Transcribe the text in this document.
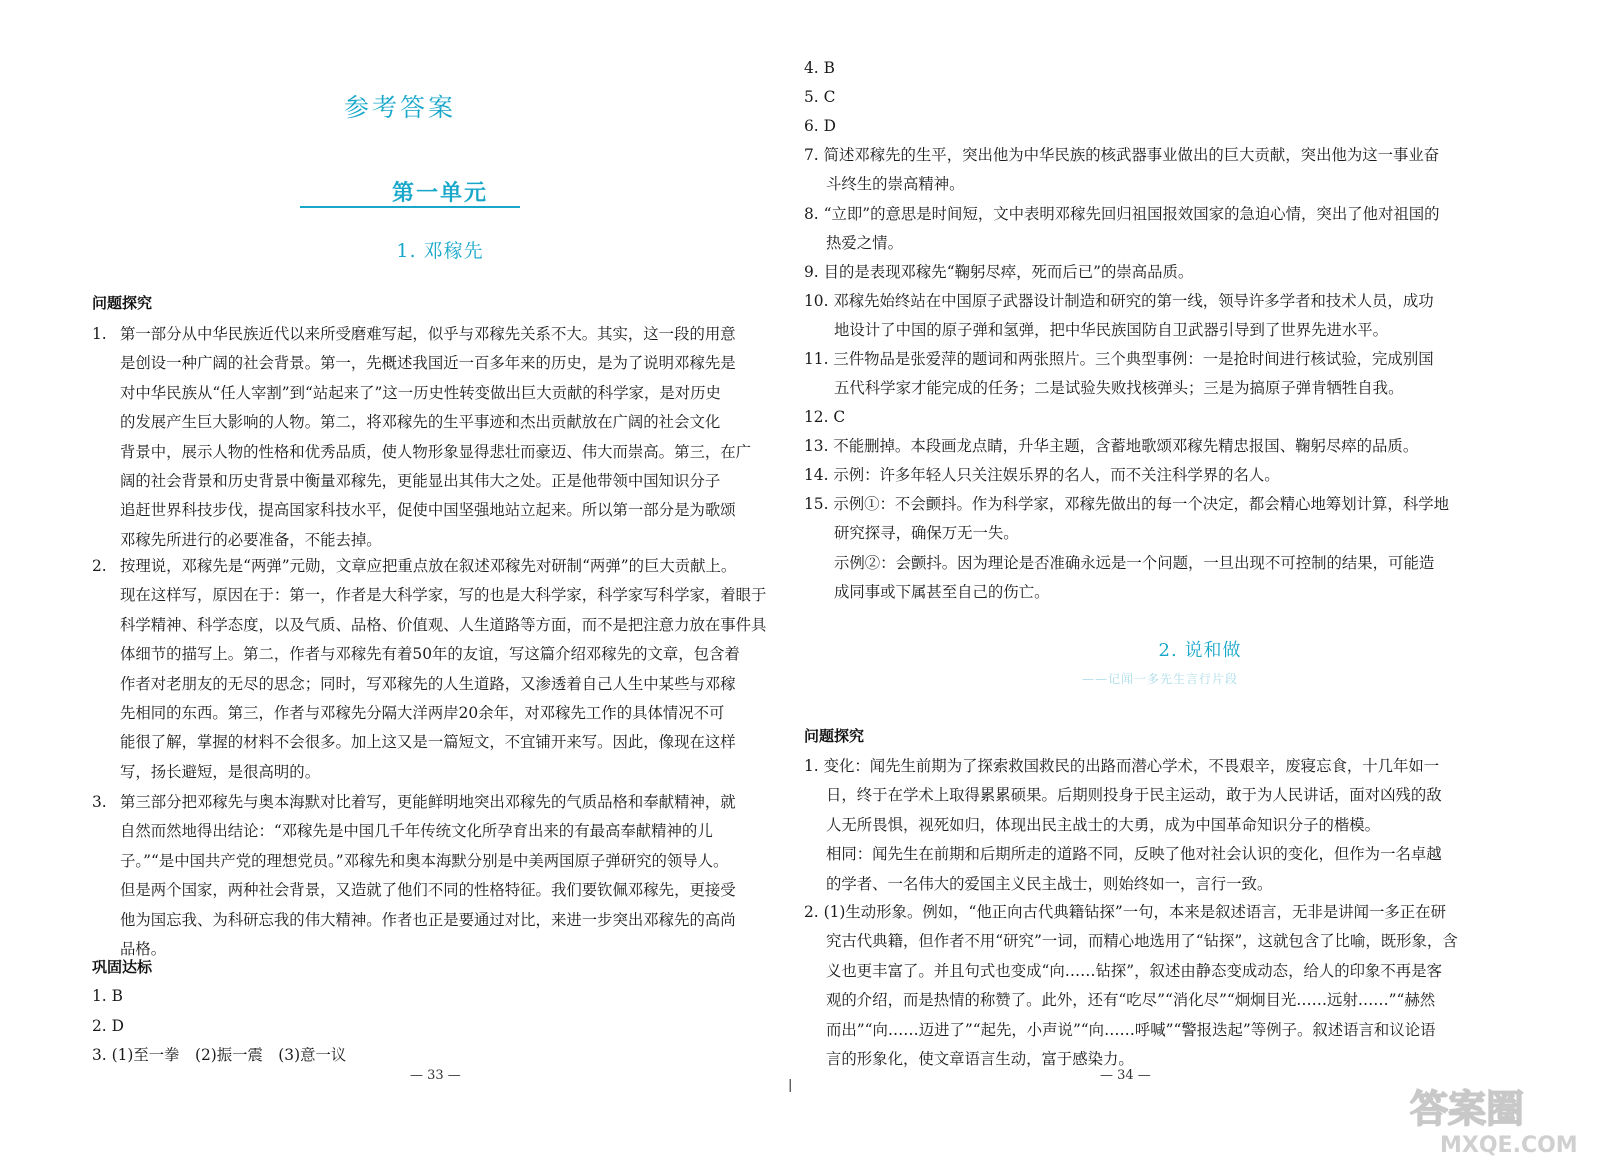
参考答案
第一单元
1. 邓稼先
问题探究
1. 第一部分从中华民族近代以来所受磨难写起，似乎与邓稼先关系不大。其实，这一段的用意
是创设一种广阔的社会背景。第一，先概述我国近一百多年来的历史，是为了说明邓稼先是
对中华民族从“任人宰割”到“站起来了”这一历史性转变做出巨大贡献的科学家，是对历史
的发展产生巨大影响的人物。第二，将邓稼先的生平事迹和杰出贡献放在广阔的社会文化
背景中，展示人物的性格和优秀品质，使人物形象显得悲壮而豪迈、伟大而崇高。第三，在广
阔的社会背景和历史背景中衡量邓稼先，更能显出其伟大之处。正是他带领中国知识分子
追赶世界科技步伐，提高国家科技水平，促使中国坚强地站立起来。所以第一部分是为歌颂
邓稼先所进行的必要准备，不能去掉。
2. 按理说，邓稼先是“两弹”元勋，文章应把重点放在叙述邓稼先对研制“两弹”的巨大贡献上。
现在这样写，原因在于：第一，作者是大科学家，写的也是大科学家，科学家写科学家，着眼于
科学精神、科学态度，以及气质、品格、价值观、人生道路等方面，而不是把注意力放在事件具
体细节的描写上。第二，作者与邓稼先有着50年的友谊，写这篇介绍邓稼先的文章，包含着
作者对老朋友的无尽的思念；同时，写邓稼先的人生道路，又渗透着自己人生中某些与邓稼
先相同的东西。第三，作者与邓稼先分隔大洋两岸20余年，对邓稼先工作的具体情况不可
能很了解，掌握的材料不会很多。加上这又是一篇短文，不宜铺开来写。因此，像现在这样
写，扬长避短，是很高明的。
3. 第三部分把邓稼先与奥本海默对比着写，更能鲜明地突出邓稼先的气质品格和奉献精神，就
自然而然地得出结论：“邓稼先是中国几千年传统文化所孕育出来的有最高奉献精神的儿
子。”“是中国共产党的理想党员。”邓稼先和奥本海默分别是中美两国原子弹研究的领导人。
但是两个国家，两种社会背景，又造就了他们不同的性格特征。我们要钦佩邓稼先，更接受
他为国忘我、为科研忘我的伟大精神。作者也正是要通过对比，来进一步突出邓稼先的高尚
品格。
巩固达标
1. B
2. D
3. (1)至一拳　(2)振一震　(3)意一议
— 33 —
|
4. B
5. C
6. D
7. 简述邓稼先的生平，突出他为中华民族的核武器事业做出的巨大贡献，突出他为这一事业奋
斗终生的崇高精神。
8. “立即”的意思是时间短，文中表明邓稼先回归祖国报效国家的急迫心情，突出了他对祖国的
热爱之情。
9. 目的是表现邓稼先“鞠躬尽瘁，死而后已”的崇高品质。
10. 邓稼先始终站在中国原子武器设计制造和研究的第一线，领导许多学者和技术人员，成功
地设计了中国的原子弹和氢弹，把中华民族国防自卫武器引导到了世界先进水平。
11. 三件物品是张爱萍的题词和两张照片。三个典型事例：一是抢时间进行核试验，完成别国
五代科学家才能完成的任务；二是试验失败找核弹头；三是为搞原子弹肯牺牲自我。
12. C
13. 不能删掉。本段画龙点睛，升华主题，含蓄地歌颂邓稼先精忠报国、鞠躬尽瘁的品质。
14. 示例：许多年轻人只关注娱乐界的名人，而不关注科学界的名人。
15. 示例①：不会颤抖。作为科学家，邓稼先做出的每一个决定，都会精心地筹划计算，科学地
研究探寻，确保万无一失。
示例②：会颤抖。因为理论是否准确永远是一个问题，一旦出现不可控制的结果，可能造
成同事或下属甚至自己的伤亡。
2. 说和做
——记闻一多先生言行片段
问题探究
1. 变化：闻先生前期为了探索救国救民的出路而潜心学术，不畏艰辛，废寝忘食，十几年如一
日，终于在学术上取得累累硕果。后期则投身于民主运动，敢于为人民讲话，面对凶残的敌
人无所畏惧，视死如归，体现出民主战士的大勇，成为中国革命知识分子的楷模。
相同：闻先生在前期和后期所走的道路不同，反映了他对社会认识的变化，但作为一名卓越
的学者、一名伟大的爱国主义民主战士，则始终如一，言行一致。
2. (1)生动形象。例如，“他正向古代典籍钻探”一句，本来是叙述语言，无非是讲闻一多正在研
究古代典籍，但作者不用“研究”一词，而精心地选用了“钻探”，这就包含了比喻，既形象，含
义也更丰富了。并且句式也变成“向……钻探”，叙述由静态变成动态，给人的印象不再是客
观的介绍，而是热情的称赞了。此外，还有“吃尽”“消化尽”“炯炯目光……远射……”“赫然
而出”“向……迈进了”“起先，小声说”“向……呼喊”“警报迭起”等例子。叙述语言和议论语
言的形象化，使文章语言生动，富于感染力。
— 34 —
答案圈
MXQE.COM
